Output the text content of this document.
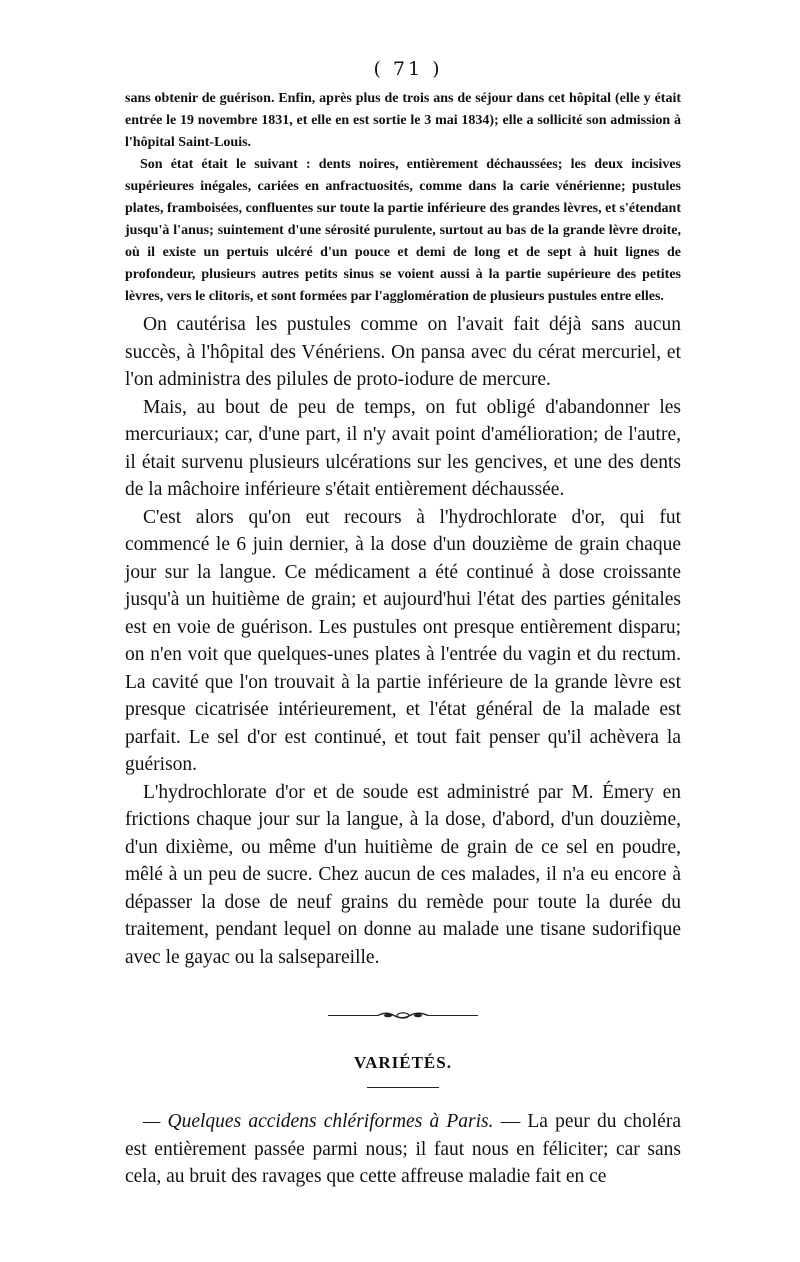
( 71 )

sans obtenir de guérison. Enfin, après plus de trois ans de séjour dans cet hôpital (elle y était entrée le 19 novembre 1831, et elle en est sortie le 3 mai 1834); elle a sollicité son admission à l'hôpital Saint-Louis.

Son état était le suivant : dents noires, entièrement déchaussées; les deux incisives supérieures inégales, cariées en anfractuosités, comme dans la carie vénérienne; pustules plates, framboisées, confluentes sur toute la partie inférieure des grandes lèvres, et s'étendant jusqu'à l'anus; suintement d'une sérosité purulente, surtout au bas de la grande lèvre droite, où il existe un pertuis ulcéré d'un pouce et demi de long et de sept à huit lignes de profondeur, plusieurs autres petits sinus se voient aussi à la partie supérieure des petites lèvres, vers le clitoris, et sont formées par l'agglomération de plusieurs pustules entre elles.

On cautérisa les pustules comme on l'avait fait déjà sans aucun succès, à l'hôpital des Vénériens. On pansa avec du cérat mercuriel, et l'on administra des pilules de proto-iodure de mercure.

Mais, au bout de peu de temps, on fut obligé d'abandonner les mercuriaux; car, d'une part, il n'y avait point d'amélioration; de l'autre, il était survenu plusieurs ulcérations sur les gencives, et une des dents de la mâchoire inférieure s'était entièrement déchaussée.

C'est alors qu'on eut recours à l'hydrochlorate d'or, qui fut commencé le 6 juin dernier, à la dose d'un douzième de grain chaque jour sur la langue. Ce médicament a été continué à dose croissante jusqu'à un huitième de grain; et aujourd'hui l'état des parties génitales est en voie de guérison. Les pustules ont presque entièrement disparu; on n'en voit que quelques-unes plates à l'entrée du vagin et du rectum. La cavité que l'on trouvait à la partie inférieure de la grande lèvre est presque cicatrisée intérieurement, et l'état général de la malade est parfait. Le sel d'or est continué, et tout fait penser qu'il achèvera la guérison.

L'hydrochlorate d'or et de soude est administré par M. Émery en frictions chaque jour sur la langue, à la dose, d'abord, d'un douzième, d'un dixième, ou même d'un huitième de grain de ce sel en poudre, mêlé à un peu de sucre. Chez aucun de ces malades, il n'a eu encore à dépasser la dose de neuf grains du remède pour toute la durée du traitement, pendant lequel on donne au malade une tisane sudorifique avec le gayac ou la salsepareille.

VARIÉTÉS.

— Quelques accidens chlériformes à Paris. — La peur du choléra est entièrement passée parmi nous; il faut nous en féliciter; car sans cela, au bruit des ravages que cette affreuse maladie fait en ce
